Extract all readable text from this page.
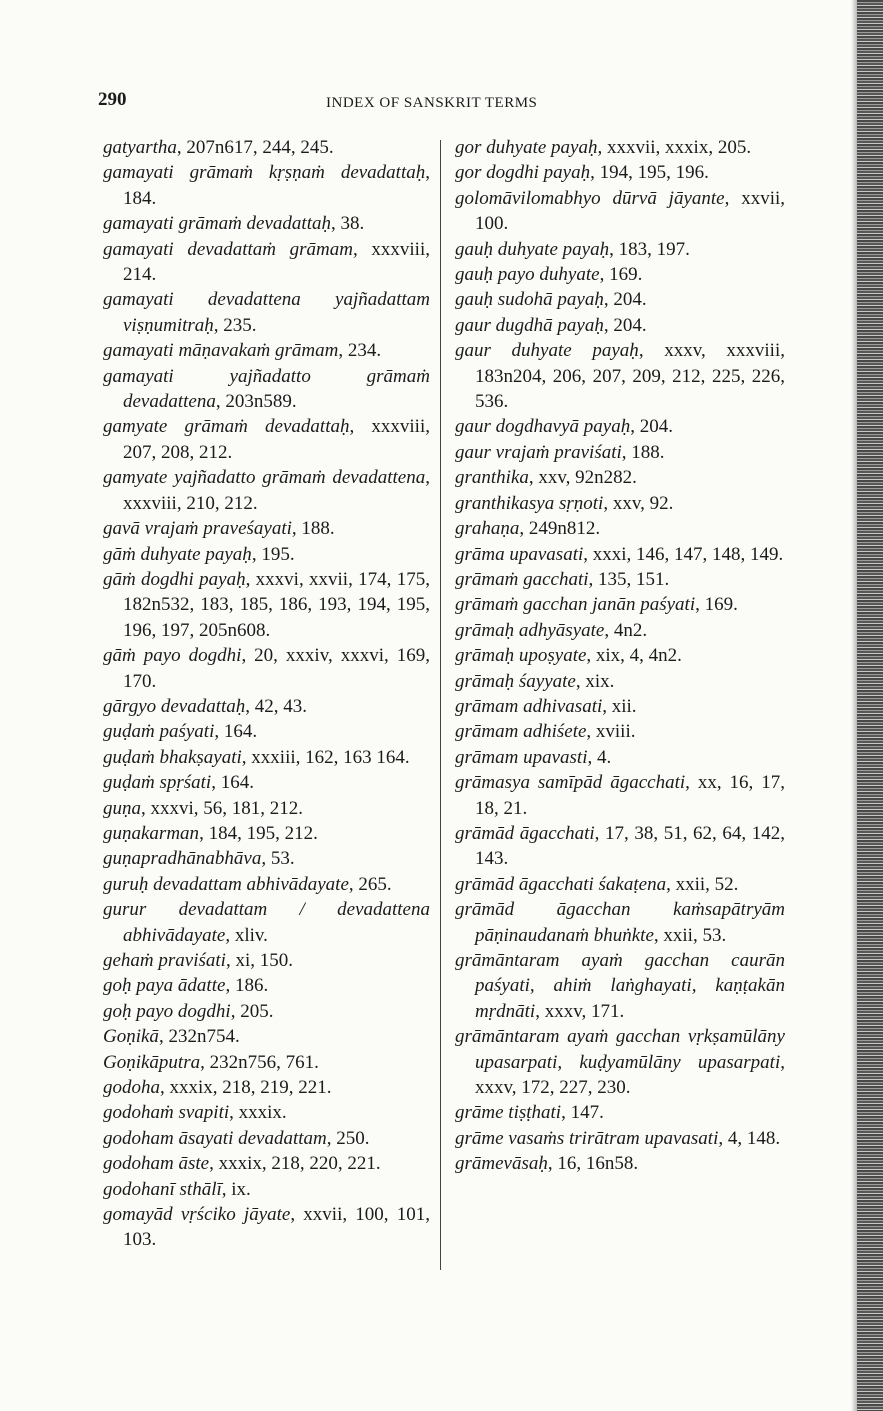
290	INDEX OF SANSKRIT TERMS
gatyartha, 207n617, 244, 245.
gamayati grāmaṁ kṛṣṇaṁ devadattaḥ, 184.
gamayati grāmaṁ devadattaḥ, 38.
gamayati devadattaṁ grāmam, xxxviii, 214.
gamayati devadattena yajñadattam viṣṇumitraḥ, 235.
gamayati māṇavakaṁ grāmam, 234.
gamayati yajñadatto grāmaṁ devadattena, 203n589.
gamyate grāmaṁ devadattaḥ, xxxviii, 207, 208, 212.
gamyate yajñadatto grāmaṁ devadattena, xxxviii, 210, 212.
gavā vrajaṁ praveśayati, 188.
gāṁ duhyate payaḥ, 195.
gāṁ dogdhi payaḥ, xxxvi, xxvii, 174, 175, 182n532, 183, 185, 186, 193, 194, 195, 196, 197, 205n608.
gāṁ payo dogdhi, 20, xxxiv, xxxvi, 169, 170.
gārgyo devadattaḥ, 42, 43.
guḍaṁ paśyati, 164.
guḍaṁ bhakṣayati, xxxiii, 162, 163 164.
guḍaṁ spṛśati, 164.
guṇa, xxxvi, 56, 181, 212.
guṇakarman, 184, 195, 212.
guṇapradhānabhāva, 53.
guruḥ devadattam abhivādayate, 265.
gurur devadattam / devadattena abhivādayate, xliv.
gehaṁ praviśati, xi, 150.
goḥ paya ādatte, 186.
goḥ payo dogdhi, 205.
Goṇikā, 232n754.
Goṇikāputra, 232n756, 761.
godoha, xxxix, 218, 219, 221.
godohaṁ svapiti, xxxix.
godoham āsayati devadattam, 250.
godoham āste, xxxix, 218, 220, 221.
godohanī sthālī, ix.
gomayād vṛściko jāyate, xxvii, 100, 101, 103.
gor duhyate payaḥ, xxxvii, xxxix, 205.
gor dogdhi payaḥ, 194, 195, 196.
golomāvilomabhyo dūrvā jāyante, xxvii, 100.
gauḥ duhyate payaḥ, 183, 197.
gauḥ payo duhyate, 169.
gauḥ sudohā payaḥ, 204.
gaur dugdhā payaḥ, 204.
gaur duhyate payaḥ, xxxv, xxxviii, 183n204, 206, 207, 209, 212, 225, 226, 536.
gaur dogdhavyā payaḥ, 204.
gaur vrajaṁ praviśati, 188.
granthika, xxv, 92n282.
granthikasya sṛṇoti, xxv, 92.
grahaṇa, 249n812.
grāma upavasati, xxxi, 146, 147, 148, 149.
grāmaṁ gacchati, 135, 151.
grāmaṁ gacchan janān paśyati, 169.
grāmaḥ adhyāsyate, 4n2.
grāmaḥ upoṣyate, xix, 4, 4n2.
grāmaḥ śayyate, xix.
grāmam adhivasati, xii.
grāmam adhiśete, xviii.
grāmam upavasti, 4.
grāmasya samīpād āgacchati, xx, 16, 17, 18, 21.
grāmād āgacchati, 17, 38, 51, 62, 64, 142, 143.
grāmād āgacchati śakaṭena, xxii, 52.
grāmād āgacchan kaṁsapātryām pāṇinaudanaṁ bhuṅkte, xxii, 53.
grāmāntaram ayaṁ gacchan caurān paśyati, ahiṁ laṅghayati, kaṇṭakān mṛdnāti, xxxv, 171.
grāmāntaram ayaṁ gacchan vṛkṣamūlāny upasarpati, kuḍyamūlāny upasarpati, xxxv, 172, 227, 230.
grāme tiṣṭhati, 147.
grāme vasaṁs trirātram upavasati, 4, 148.
grāmevāsaḥ, 16, 16n58.
